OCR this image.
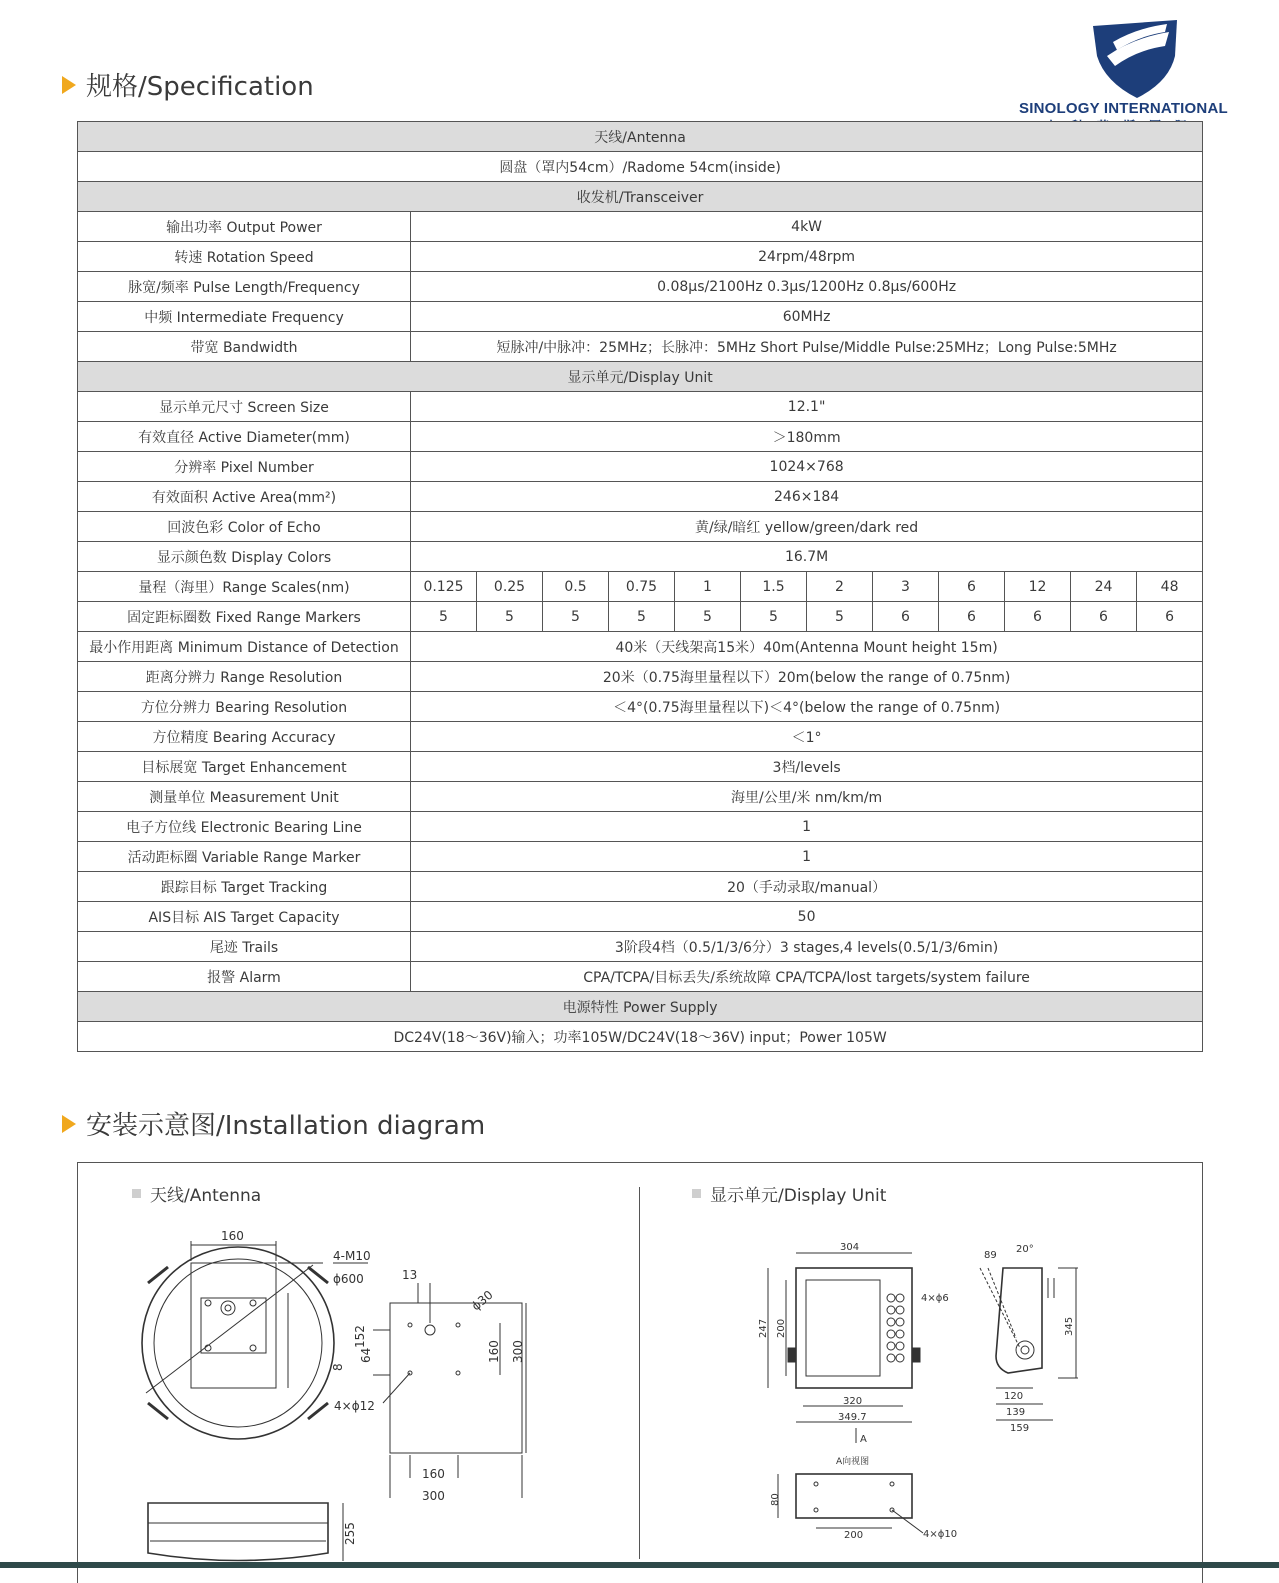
规格/Specification
SINOLOGY INTERNATIONAL
天线/Antenna												
圆盘（罩内54cm）/Radome 54cm(inside)												
收发机/Transceiver												
输出功率 Output Power	4kW											
转速 Rotation Speed	24rpm/48rpm											
脉宽/频率 Pulse Length/Frequency	0.08μs/2100Hz 0.3μs/1200Hz 0.8μs/600Hz											
中频 Intermediate Frequency	60MHz											
带宽 Bandwidth	短脉冲/中脉冲：25MHz；长脉冲：5MHz Short Pulse/Middle Pulse:25MHz；Long Pulse:5MHz											
显示单元/Display Unit												
显示单元尺寸 Screen Size	12.1"											
有效直径 Active Diameter(mm)	＞180mm											
分辨率 Pixel Number	1024×768											
有效面积 Active Area(mm²)	246×184											
回波色彩 Color of Echo	黄/绿/暗红 yellow/green/dark red											
显示颜色数 Display Colors	16.7M											
量程（海里）Range Scales(nm)	0.125	0.25	0.5	0.75	1	1.5	2	3	6	12	24	48
固定距标圈数 Fixed Range Markers	5	5	5	5	5	5	5	6	6	6	6	6
最小作用距离 Minimum Distance of Detection	40米（天线架高15米）40m(Antenna Mount height 15m)											
距离分辨力 Range Resolution	20米（0.75海里量程以下）20m(below the range of 0.75nm)											
方位分辨力 Bearing Resolution	＜4°(0.75海里量程以下)＜4°(below the range of 0.75nm)											
方位精度 Bearing Accuracy	＜1°											
目标展宽 Target Enhancement	3档/levels											
测量单位 Measurement Unit	海里/公里/米 nm/km/m											
电子方位线 Electronic Bearing Line	1											
活动距标圈 Variable Range Marker	1											
跟踪目标 Target Tracking	20（手动录取/manual）											
AIS目标 AIS Target Capacity	50											
尾迹 Trails	3阶段4档（0.5/1/3/6分）3 stages,4 levels(0.5/1/3/6min)											
报警 Alarm	CPA/TCPA/目标丢失/系统故障 CPA/TCPA/lost targets/system failure											
电源特性 Power Supply												
DC24V(18～36V)输入；功率105W/DC24V(18～36V) input；Power 105W												
安装示意图/Installation diagram
天线/Antenna	显示单元/Display Unit
160
4-M10
ϕ600
152
8
13
ϕ30
64	160 300
4×ϕ12
160
300
255
304
4×ϕ6
247 200
320
349.7
A
A向视图
80
200	4×ϕ10
89
20°
345
120
139
159
